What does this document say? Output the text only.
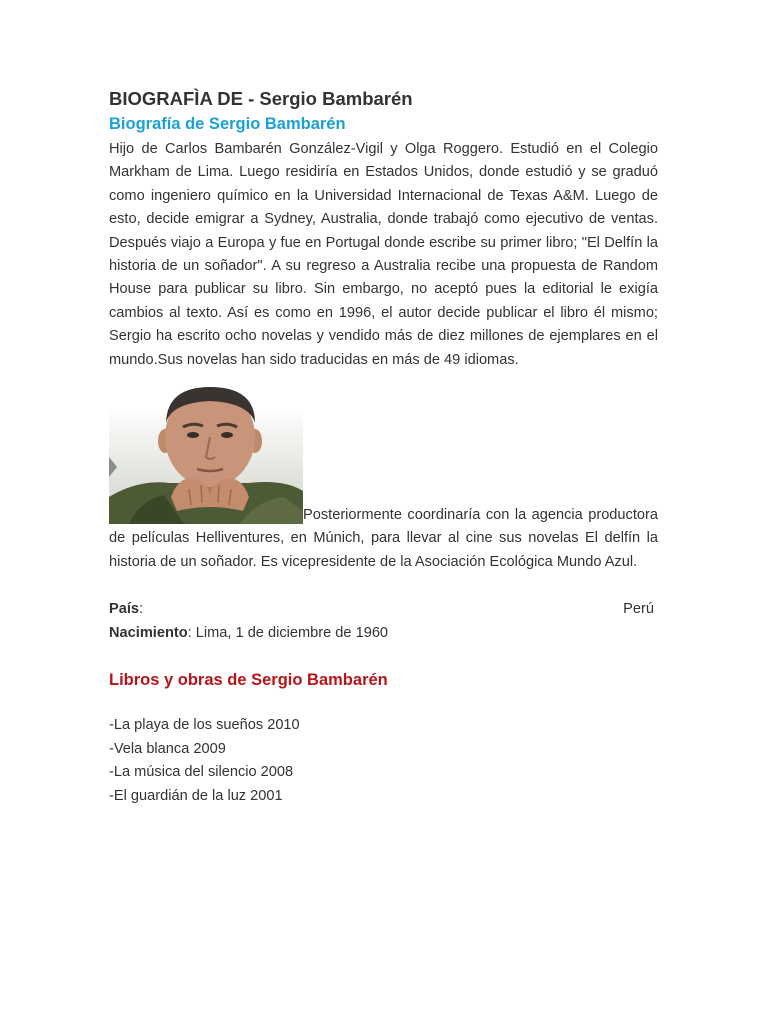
BIOGRAFÌA DE - Sergio Bambarén
Biografía de Sergio Bambarén

Hijo de Carlos Bambarén González-Vigil y Olga Roggero. Estudió en el Colegio Markham de Lima. Luego residiría en Estados Unidos, donde estudió y se graduó como ingeniero químico en la Universidad Internacional de Texas A&M. Luego de esto, decide emigrar a Sydney, Australia, donde trabajó como ejecutivo de ventas. Después viajo a Europa y fue en Portugal donde escribe su primer libro; "El Delfín la historia de un soñador". A su regreso a Australia recibe una propuesta de Random House para publicar su libro. Sin embargo, no aceptó pues la editorial le exigía cambios al texto. Así es como en 1996, el autor decide publicar el libro él mismo; Sergio ha escrito ocho novelas y vendido más de diez millones de ejemplares en el mundo.Sus novelas han sido traducidas en más de 49 idiomas.

Posteriormente coordinaría con la agencia productora de películas Helliventures, en Múnich, para llevar al cine sus novelas El delfín la historia de un soñador. Es vicepresidente de la Asociación Ecológica Mundo Azul.

País:	Perú
Nacimiento : Lima, 1 de diciembre de 1960
Libros y obras de Sergio Bambarén
-La playa de los sueños 2010
-Vela blanca 2009
-La música del silencio 2008
-El guardián de la luz 2001
